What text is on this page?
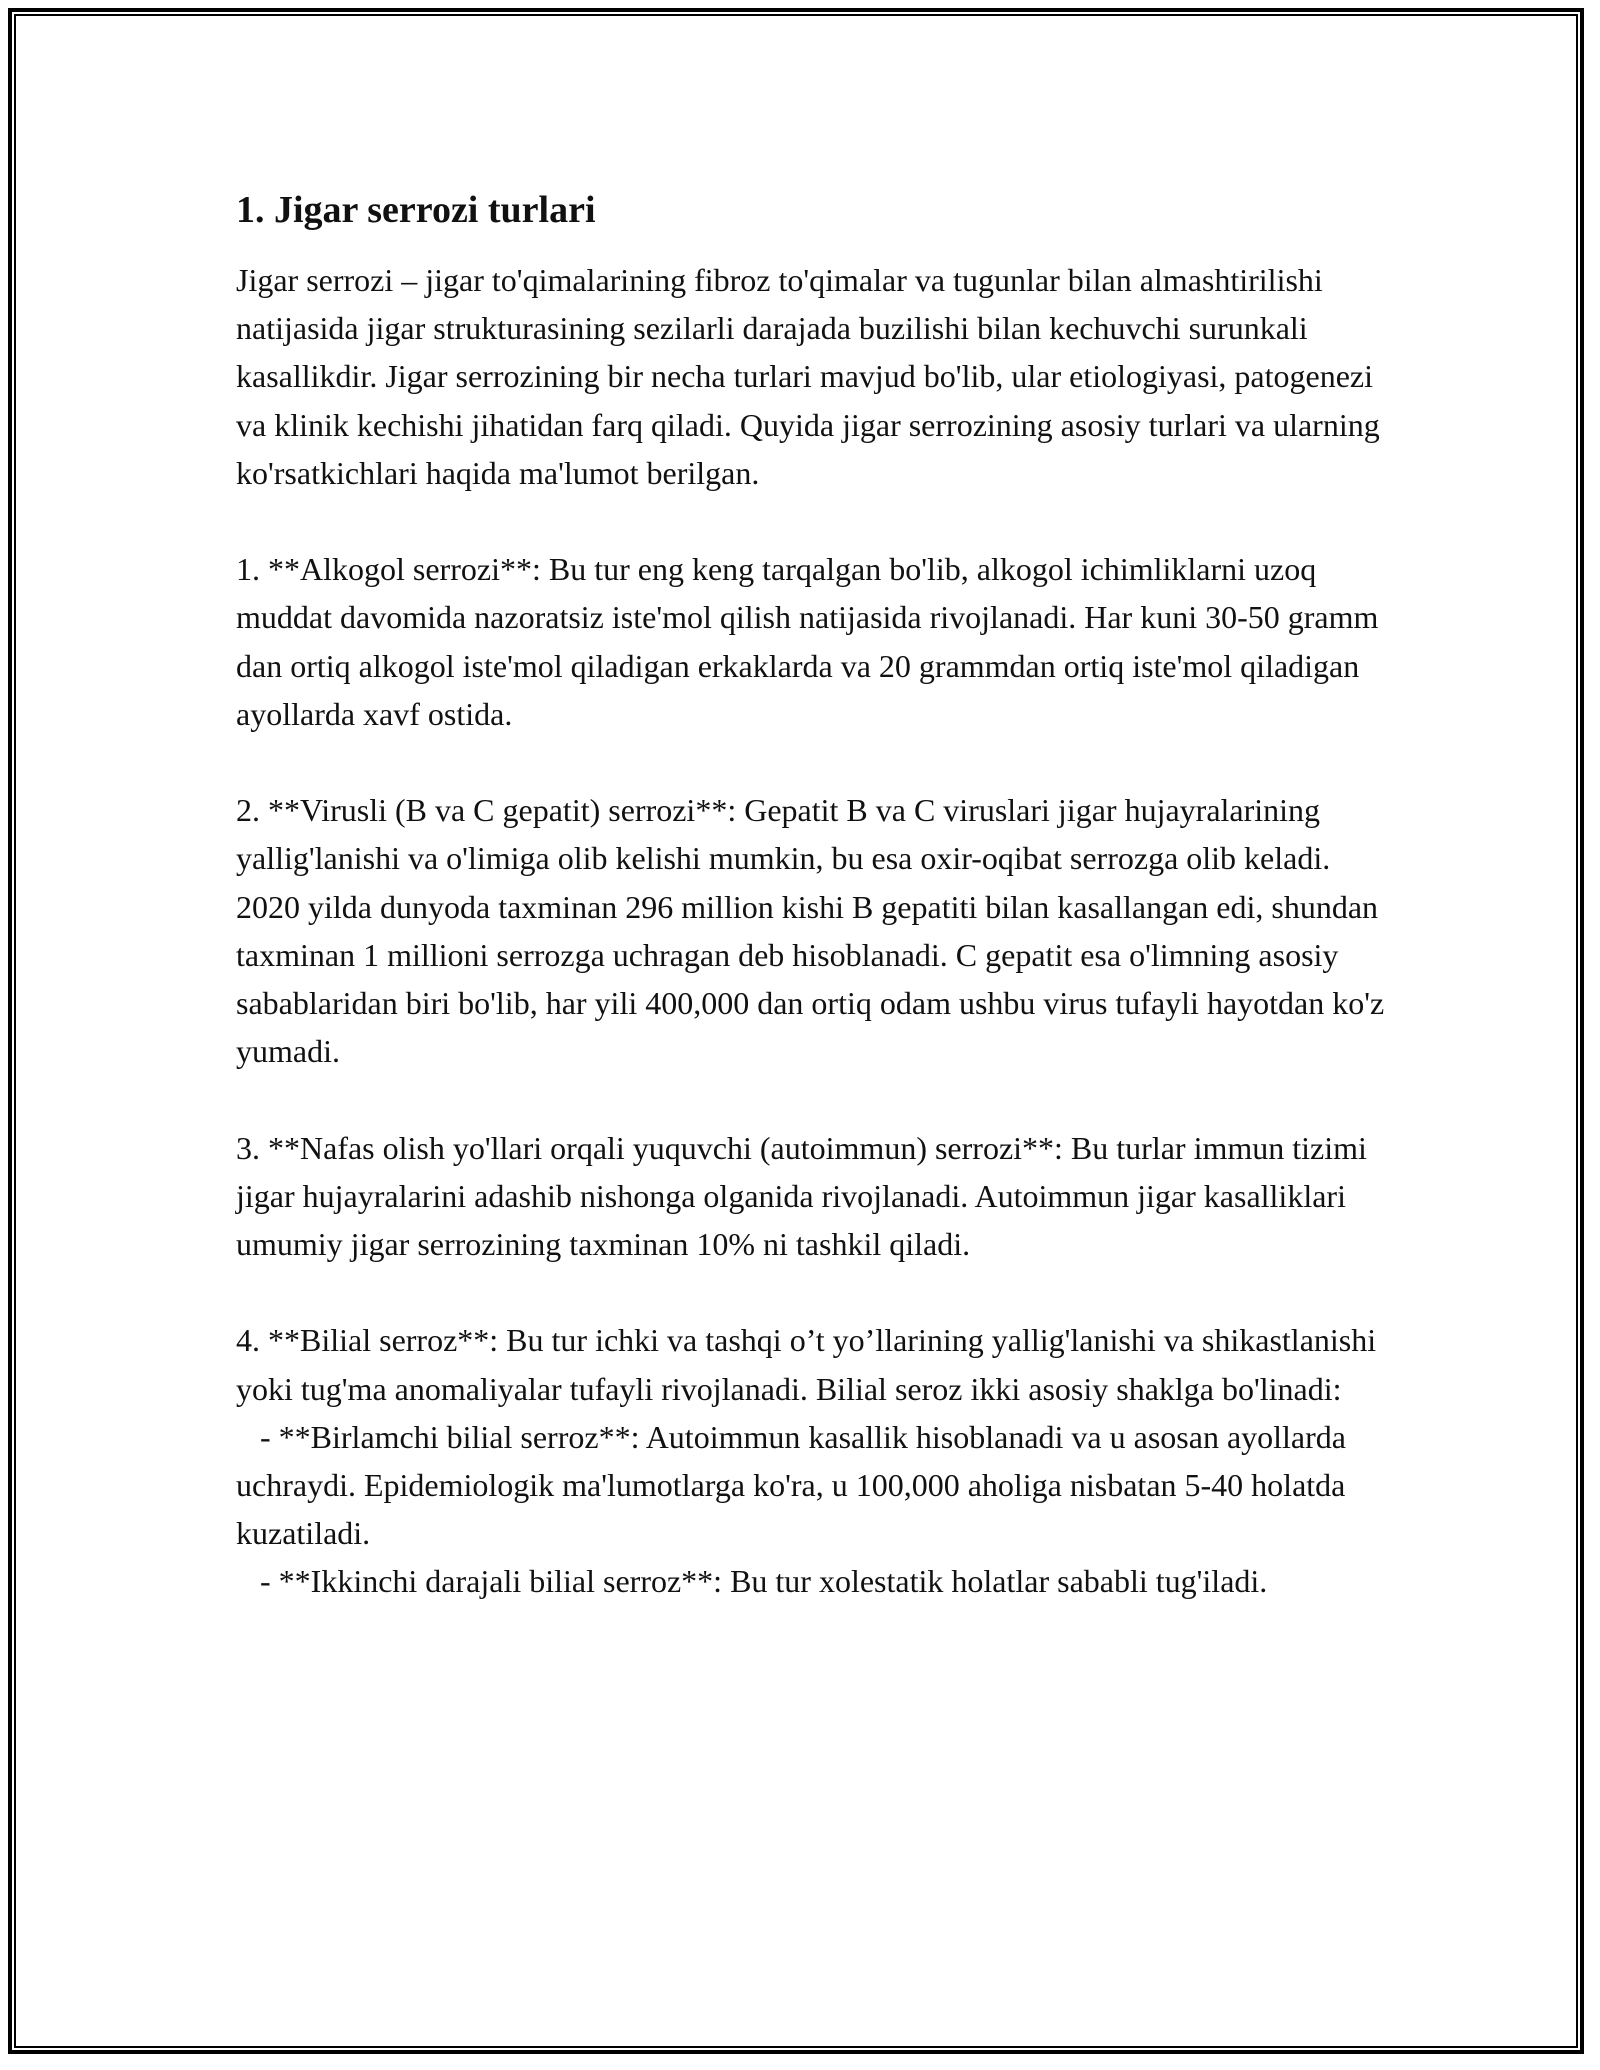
1. Jigar serrozi turlari

Jigar serrozi – jigar to'qimalarining fibroz to'qimalar va tugunlar bilan almashtirilishi natijasida jigar strukturasining sezilarli darajada buzilishi bilan kechuvchi surunkali kasallikdir. Jigar serrozining bir necha turlari mavjud bo'lib, ular etiologiyasi, patogenezi va klinik kechishi jihatidan farq qiladi. Quyida jigar serrozining asosiy turlari va ularning ko'rsatkichlari haqida ma'lumot berilgan.

1. **Alkogol serrozi**: Bu tur eng keng tarqalgan bo'lib, alkogol ichimliklarni uzoq muddat davomida nazoratsiz iste'mol qilish natijasida rivojlanadi. Har kuni 30-50 gramm dan ortiq alkogol iste'mol qiladigan erkaklarda va 20 grammdan ortiq iste'mol qiladigan ayollarda xavf ostida.

2. **Virusli (B va C gepatit) serrozi**: Gepatit B va C viruslari jigar hujayralarining yallig'lanishi va o'limiga olib kelishi mumkin, bu esa oxir-oqibat serrozga olib keladi. 2020 yilda dunyoda taxminan 296 million kishi B gepatiti bilan kasallangan edi, shundan taxminan 1 millioni serrozga uchragan deb hisoblanadi. C gepatit esa o'limning asosiy sabablaridan biri bo'lib, har yili 400,000 dan ortiq odam ushbu virus tufayli hayotdan ko'z yumadi.

3. **Nafas olish yo'llari orqali yuquvchi (autoimmun) serrozi**: Bu turlar immun tizimi jigar hujayralarini adashib nishonga olganida rivojlanadi. Autoimmun jigar kasalliklari umumiy jigar serrozining taxminan 10% ni tashkil qiladi.

4. **Bilial serroz**: Bu tur ichki va tashqi o’t yo’llarining yallig'lanishi va shikastlanishi yoki tug'ma anomaliyalar tufayli rivojlanadi. Bilial seroz ikki asosiy shaklga bo'linadi:
- **Birlamchi bilial serroz**: Autoimmun kasallik hisoblanadi va u asosan ayollarda uchraydi. Epidemiologik ma'lumotlarga ko'ra, u 100,000 aholiga nisbatan 5-40 holatda kuzatiladi.
- **Ikkinchi darajali bilial serroz**: Bu tur xolestatik holatlar sababli tug'iladi.
